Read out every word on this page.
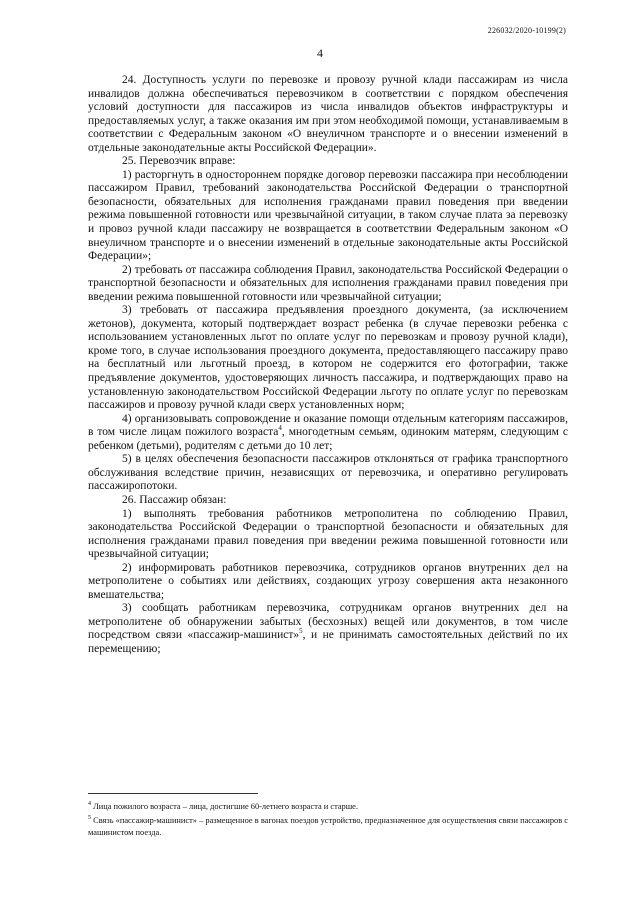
226032/2020-10199(2)
4

24. Доступность услуги по перевозке и провозу ручной клади пассажирам из числа инвалидов должна обеспечиваться перевозчиком в соответствии с порядком обеспечения условий доступности для пассажиров из числа инвалидов объектов инфраструктуры и предоставляемых услуг, а также оказания им при этом необходимой помощи, устанавливаемым в соответствии с Федеральным законом «О внеуличном транспорте и о внесении изменений в отдельные законодательные акты Российской Федерации».

25. Перевозчик вправе:

1) расторгнуть в одностороннем порядке договор перевозки пассажира при несоблюдении пассажиром Правил, требований законодательства Российской Федерации о транспортной безопасности, обязательных для исполнения гражданами правил поведения при введении режима повышенной готовности или чрезвычайной ситуации, в таком случае плата за перевозку и провоз ручной клади пассажиру не возвращается в соответствии Федеральным законом «О внеуличном транспорте и о внесении изменений в отдельные законодательные акты Российской Федерации»;

2) требовать от пассажира соблюдения Правил, законодательства Российской Федерации о транспортной безопасности и обязательных для исполнения гражданами правил поведения при введении режима повышенной готовности или чрезвычайной ситуации;

3) требовать от пассажира предъявления проездного документа, (за исключением жетонов), документа, который подтверждает возраст ребенка (в случае перевозки ребенка с использованием установленных льгот по оплате услуг по перевозкам и провозу ручной клади), кроме того, в случае использования проездного документа, предоставляющего пассажиру право на бесплатный или льготный проезд, в котором не содержится его фотографии, также предъявление документов, удостоверяющих личность пассажира, и подтверждающих право на установленную законодательством Российской Федерации льготу по оплате услуг по перевозкам пассажиров и провозу ручной клади сверх установленных норм;

4) организовывать сопровождение и оказание помощи отдельным категориям пассажиров, в том числе лицам пожилого возраста$^4$, многодетным семьям, одиноким матерям, следующим с ребенком (детьми), родителям с детьми до 10 лет;

5) в целях обеспечения безопасности пассажиров отклоняться от графика транспортного обслуживания вследствие причин, независящих от перевозчика, и оперативно регулировать пассажиропотоки.

26. Пассажир обязан:

1) выполнять требования работников метрополитена по соблюдению Правил, законодательства Российской Федерации о транспортной безопасности и обязательных для исполнения гражданами правил поведения при введении режима повышенной готовности или чрезвычайной ситуации;

2) информировать работников перевозчика, сотрудников органов внутренних дел на метрополитене о событиях или действиях, создающих угрозу совершения акта незаконного вмешательства;

3) сообщать работникам перевозчика, сотрудникам органов внутренних дел на метрополитене об обнаружении забытых (бесхозных) вещей или документов, в том числе посредством связи «пассажир-машинист»$^5$, и не принимать самостоятельных действий по их перемещению;

$^4$ Лица пожилого возраста – лица, достигшие 60-летнего возраста и старше.

$^5$ Связь «пассажир-машинист» – размещенное в вагонах поездов устройство, предназначенное для осуществления связи пассажиров с машинистом поезда.
